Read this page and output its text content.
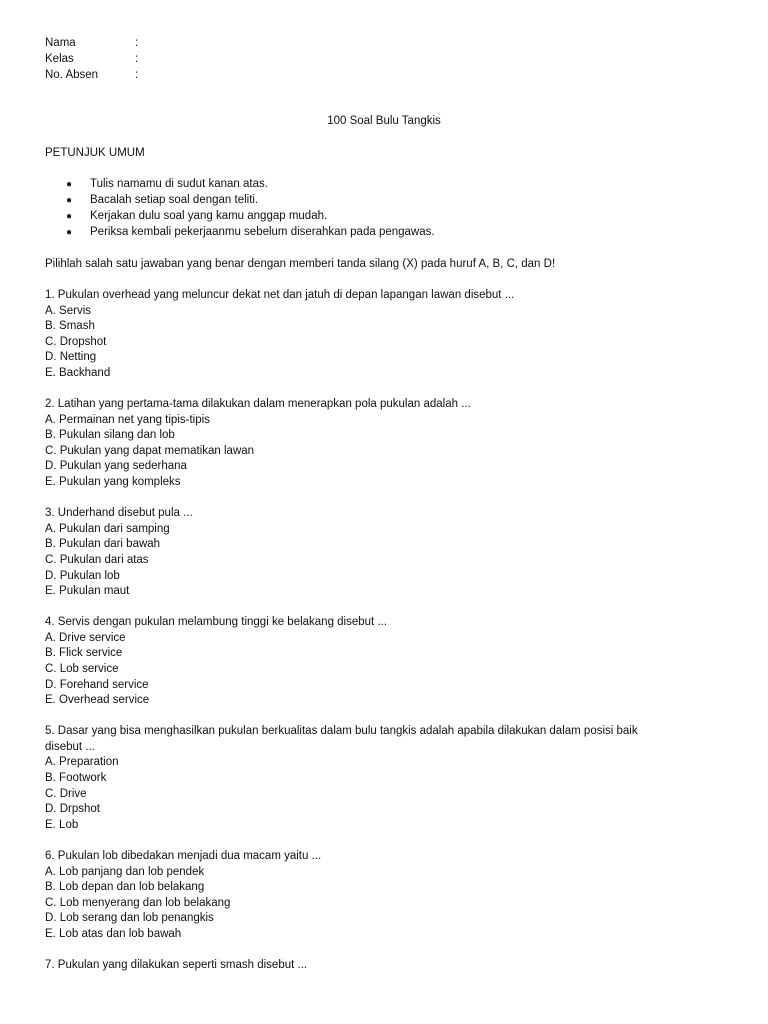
Nama	:
Kelas	:
No. Absen	:
100 Soal Bulu Tangkis
PETUNJUK UMUM
●	Tulis namamu di sudut kanan atas.
●	Bacalah setiap soal dengan teliti.
●	Kerjakan dulu soal yang kamu anggap mudah.
●	Periksa kembali pekerjaanmu sebelum diserahkan pada pengawas.
Pilihlah salah satu jawaban yang benar dengan memberi tanda silang (X) pada huruf A, B, C, dan D!
1. Pukulan overhead yang meluncur dekat net dan jatuh di depan lapangan lawan disebut ...
A. Servis
B. Smash
C. Dropshot
D. Netting
E. Backhand
2. Latihan yang pertama-tama dilakukan dalam menerapkan pola pukulan adalah ...
A. Permainan net yang tipis-tipis
B. Pukulan silang dan lob
C. Pukulan yang dapat mematikan lawan
D. Pukulan yang sederhana
E. Pukulan yang kompleks
3. Underhand disebut pula ...
A. Pukulan dari samping
B. Pukulan dari bawah
C. Pukulan dari atas
D. Pukulan lob
E. Pukulan maut
4. Servis dengan pukulan melambung tinggi ke belakang disebut ...
A. Drive service
B. Flick service
C. Lob service
D. Forehand service
E. Overhead service
5. Dasar yang bisa menghasilkan pukulan berkualitas dalam bulu tangkis adalah apabila dilakukan dalam posisi baik
disebut ...
A. Preparation
B. Footwork
C. Drive
D. Drpshot
E. Lob
6. Pukulan lob dibedakan menjadi dua macam yaitu ...
A. Lob panjang dan lob pendek
B. Lob depan dan lob belakang
C. Lob menyerang dan lob belakang
D. Lob serang dan lob penangkis
E. Lob atas dan lob bawah
7. Pukulan yang dilakukan seperti smash disebut ...
